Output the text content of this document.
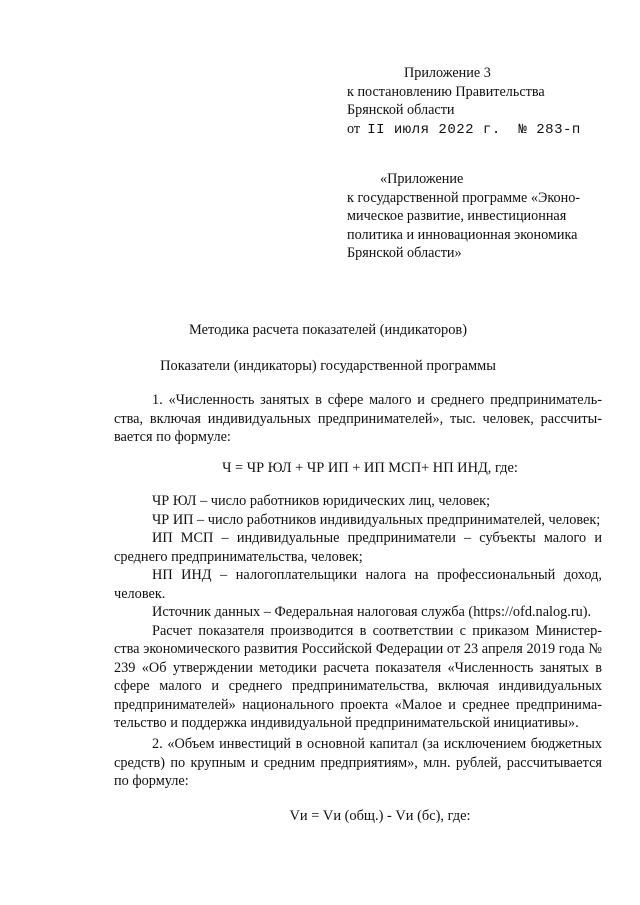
Приложение 3
к постановлению Правительства
Брянской области
от II июля 2022 г. № 283-п
«Приложение
к государственной программе «Эконо-
мическое развитие, инвестиционная
политика и инновационная экономика
Брянской области»
Методика расчета показателей (индикаторов)
Показатели (индикаторы) государственной программы

1. «Численность занятых в сфере малого и среднего предпринимательства, включая индивидуальных предпринимателей», тыс. человек, рассчитывается по формуле:

Ч = ЧР ЮЛ + ЧР ИП + ИП МСП+ НП ИНД, где:

ЧР ЮЛ – число работников юридических лиц, человек;

ЧР ИП – число работников индивидуальных предпринимателей, человек;

ИП МСП – индивидуальные предприниматели – субъекты малого и среднего предпринимательства, человек;

НП ИНД – налогоплательщики налога на профессиональный доход, человек.

Источник данных – Федеральная налоговая служба (https://ofd.nalog.ru).

Расчет показателя производится в соответствии с приказом Министерства экономического развития Российской Федерации от 23 апреля 2019 года № 239 «Об утверждении методики расчета показателя «Численность занятых в сфере малого и среднего предпринимательства, включая индивидуальных предпринимателей» национального проекта «Малое и среднее предпринимательство и поддержка индивидуальной предпринимательской инициативы».

2. «Объем инвестиций в основной капитал (за исключением бюджетных средств) по крупным и средним предприятиям», млн. рублей, рассчитывается по формуле:

Vи = Vи (общ.) - Vи (бс), где:
